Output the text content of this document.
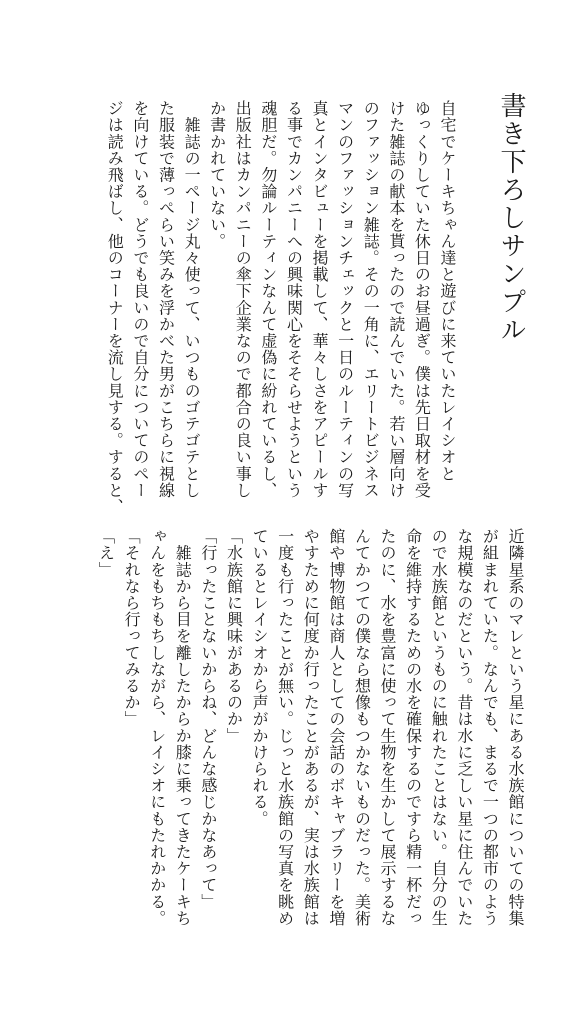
書き下ろしサンプル
自宅でケーキちゃん達と遊びに来ていたレイシオと
ゆっくりしていた休日のお昼過ぎ。僕は先日取材を受
けた雑誌の献本を貰ったので読んでいた。若い層向け
のファッション雑誌。その一角に、エリートビジネス
マンのファッションチェックと一日のルーティンの写
真とインタビューを掲載して、華々しさをアピールす
る事でカンパニーへの興味関心をそそらせようという
魂胆だ。勿論ルーティンなんて虚偽に紛れているし、
出版社はカンパニーの傘下企業なので都合の良い事し
か書かれていない。
　雑誌の一ページ丸々使って、いつものゴテゴテとし
た服装で薄っぺらい笑みを浮かべた男がこちらに視線
を向けている。どうでも良いので自分についてのペー
ジは読み飛ばし、他のコーナーを流し見する。すると、
近隣星系のマレという星にある水族館についての特集
が組まれていた。なんでも、まるで一つの都市のよう
な規模なのだという。昔は水に乏しい星に住んでいた
ので水族館というものに触れたことはない。自分の生
命を維持するための水を確保するのですら精一杯だっ
たのに、水を豊富に使って生物を生かして展示するな
んてかつての僕なら想像もつかないものだった。美術
館や博物館は商人としての会話のボキャブラリーを増
やすために何度か行ったことがあるが、実は水族館は
一度も行ったことが無い。じっと水族館の写真を眺め
ているとレイシオから声がかけられる。
「水族館に興味があるのか」
「行ったことないからね、どんな感じかなあって」
　雑誌から目を離したからか膝に乗ってきたケーキち
ゃんをもちもちしながら、レイシオにもたれかかる。
「それなら行ってみるか」
「え」
